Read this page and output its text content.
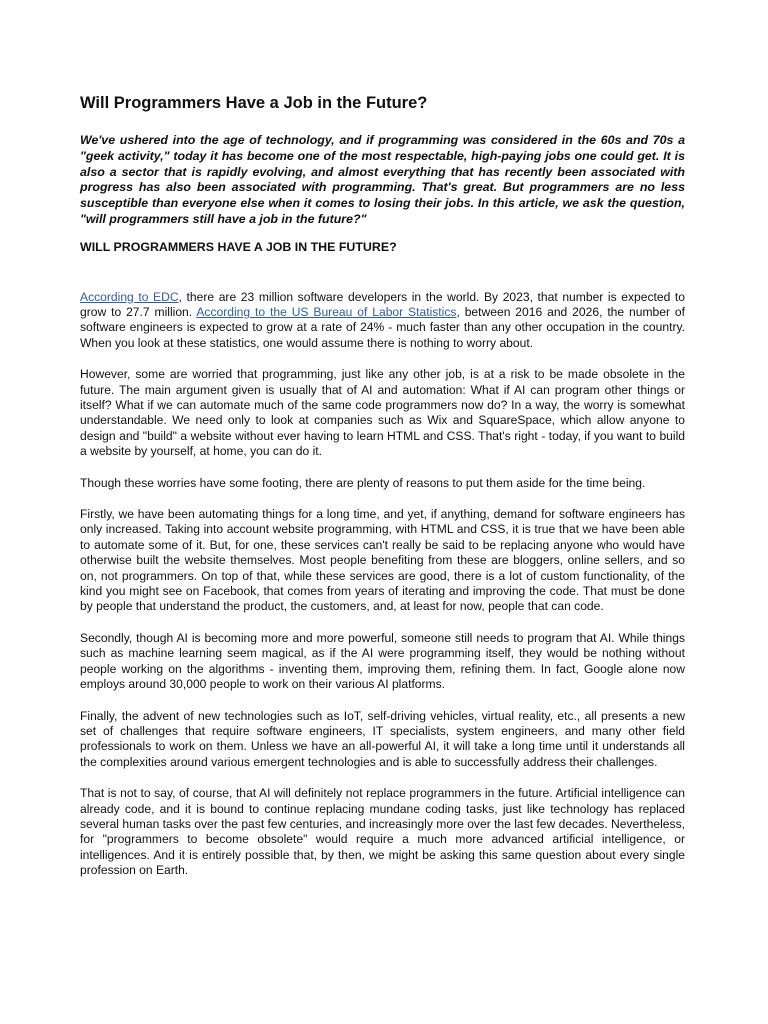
Will Programmers Have a Job in the Future?

We've ushered into the age of technology, and if programming was considered in the 60s and 70s a "geek activity," today it has become one of the most respectable, high-paying jobs one could get. It is also a sector that is rapidly evolving, and almost everything that has recently been associated with progress has also been associated with programming. That's great. But programmers are no less susceptible than everyone else when it comes to losing their jobs. In this article, we ask the question, "will programmers still have a job in the future?"

WILL PROGRAMMERS HAVE A JOB IN THE FUTURE?

According to EDC, there are 23 million software developers in the world. By 2023, that number is expected to grow to 27.7 million. According to the US Bureau of Labor Statistics, between 2016 and 2026, the number of software engineers is expected to grow at a rate of 24% - much faster than any other occupation in the country. When you look at these statistics, one would assume there is nothing to worry about.

However, some are worried that programming, just like any other job, is at a risk to be made obsolete in the future. The main argument given is usually that of AI and automation: What if AI can program other things or itself? What if we can automate much of the same code programmers now do? In a way, the worry is somewhat understandable. We need only to look at companies such as Wix and SquareSpace, which allow anyone to design and "build" a website without ever having to learn HTML and CSS. That's right - today, if you want to build a website by yourself, at home, you can do it.

Though these worries have some footing, there are plenty of reasons to put them aside for the time being.

Firstly, we have been automating things for a long time, and yet, if anything, demand for software engineers has only increased. Taking into account website programming, with HTML and CSS, it is true that we have been able to automate some of it. But, for one, these services can't really be said to be replacing anyone who would have otherwise built the website themselves. Most people benefiting from these are bloggers, online sellers, and so on, not programmers. On top of that, while these services are good, there is a lot of custom functionality, of the kind you might see on Facebook, that comes from years of iterating and improving the code. That must be done by people that understand the product, the customers, and, at least for now, people that can code.

Secondly, though AI is becoming more and more powerful, someone still needs to program that AI. While things such as machine learning seem magical, as if the AI were programming itself, they would be nothing without people working on the algorithms - inventing them, improving them, refining them. In fact, Google alone now employs around 30,000 people to work on their various AI platforms.

Finally, the advent of new technologies such as IoT, self-driving vehicles, virtual reality, etc., all presents a new set of challenges that require software engineers, IT specialists, system engineers, and many other field professionals to work on them. Unless we have an all-powerful AI, it will take a long time until it understands all the complexities around various emergent technologies and is able to successfully address their challenges.

That is not to say, of course, that AI will definitely not replace programmers in the future. Artificial intelligence can already code, and it is bound to continue replacing mundane coding tasks, just like technology has replaced several human tasks over the past few centuries, and increasingly more over the last few decades. Nevertheless, for "programmers to become obsolete" would require a much more advanced artificial intelligence, or intelligences. And it is entirely possible that, by then, we might be asking this same question about every single profession on Earth.
